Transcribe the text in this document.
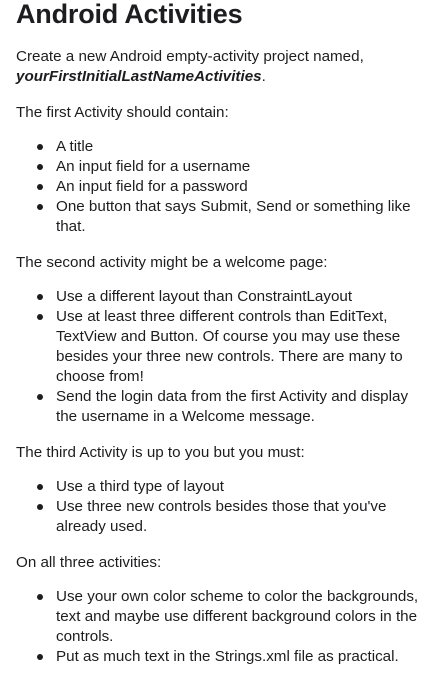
Android Activities

Create a new Android empty-activity project named, yourFirstInitialLastNameActivities.

The first Activity should contain:

A title
An input field for a username
An input field for a password
One button that says Submit, Send or something like that.

The second activity might be a welcome page:

Use a different layout than ConstraintLayout
Use at least three different controls than EditText, TextView and Button. Of course you may use these besides your three new controls. There are many to choose from!
Send the login data from the first Activity and display the username in a Welcome message.

The third Activity is up to you but you must:

Use a third type of layout
Use three new controls besides those that you've already used.

On all three activities:

Use your own color scheme to color the backgrounds, text and maybe use different background colors in the controls.
Put as much text in the Strings.xml file as practical.
